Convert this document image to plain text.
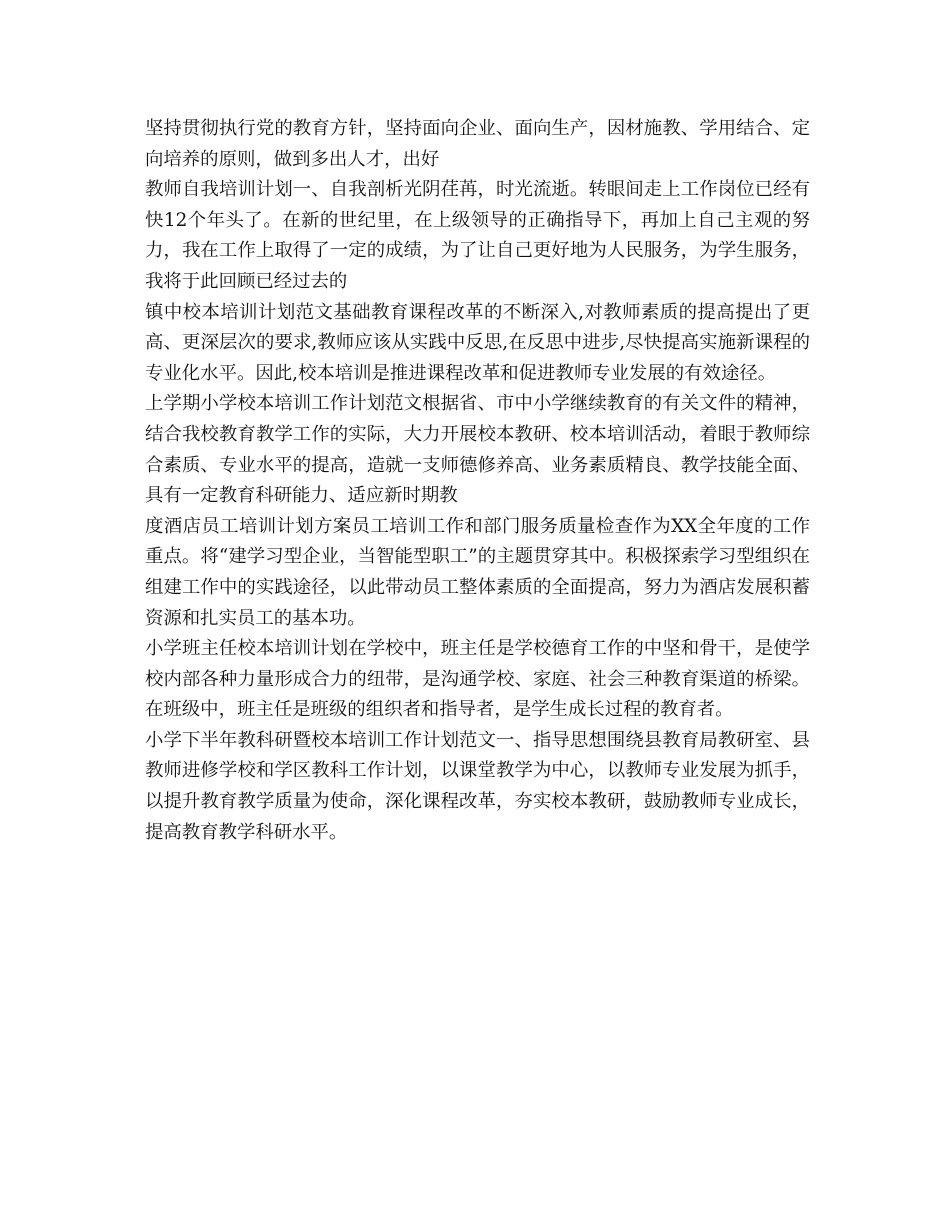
坚持贯彻执行党的教育方针，坚持面向企业、面向生产，因材施教、学用结合、定向培养的原则，做到多出人才，出好

教师自我培训计划一、自我剖析光阴荏苒，时光流逝。转眼间走上工作岗位已经有快12个年头了。在新的世纪里，在上级领导的正确指导下，再加上自己主观的努力，我在工作上取得了一定的成绩，为了让自己更好地为人民服务，为学生服务，我将于此回顾已经过去的

镇中校本培训计划范文基础教育课程改革的不断深入,对教师素质的提高提出了更高、更深层次的要求,教师应该从实践中反思,在反思中进步,尽快提高实施新课程的专业化水平。因此,校本培训是推进课程改革和促进教师专业发展的有效途径。

上学期小学校本培训工作计划范文根据省、市中小学继续教育的有关文件的精神，结合我校教育教学工作的实际，大力开展校本教研、校本培训活动，着眼于教师综合素质、专业水平的提高，造就一支师德修养高、业务素质精良、教学技能全面、具有一定教育科研能力、适应新时期教

度酒店员工培训计划方案员工培训工作和部门服务质量检查作为XX全年度的工作重点。将“建学习型企业，当智能型职工”的主题贯穿其中。积极探索学习型组织在组建工作中的实践途径，以此带动员工整体素质的全面提高，努力为酒店发展积蓄资源和扎实员工的基本功。

小学班主任校本培训计划在学校中，班主任是学校德育工作的中坚和骨干，是使学校内部各种力量形成合力的纽带，是沟通学校、家庭、社会三种教育渠道的桥梁。在班级中，班主任是班级的组织者和指导者，是学生成长过程的教育者。

小学下半年教科研暨校本培训工作计划范文一、指导思想围绕县教育局教研室、县教师进修学校和学区教科工作计划，以课堂教学为中心，以教师专业发展为抓手，以提升教育教学质量为使命，深化课程改革，夯实校本教研，鼓励教师专业成长，提高教育教学科研水平。
